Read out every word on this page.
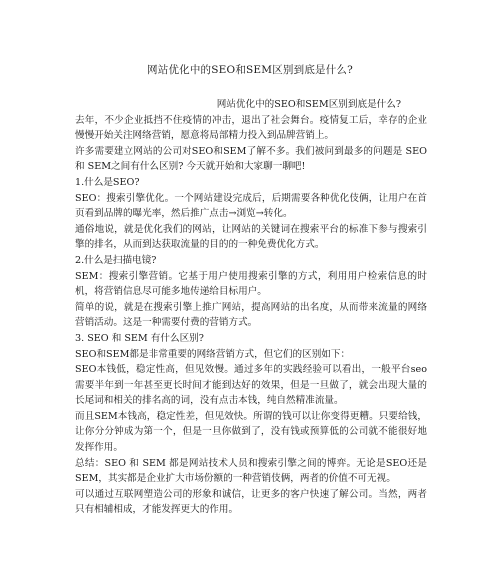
网站优化中的SEO和SEM区别到底是什么?

网站优化中的SEO和SEM区别到底是什么?

去年，不少企业抵挡不住疫情的冲击，退出了社会舞台。疫情复工后，幸存的企业慢慢开始关注网络营销，愿意将局部精力投入到品牌营销上。

许多需要建立网站的公司对SEO和SEM了解不多。我们被问到最多的问题是 SEO 和 SEM之间有什么区别? 今天就开始和大家聊一聊吧!

1.什么是SEO?

SEO：搜索引擎优化。一个网站建设完成后，后期需要各种优化伎俩，让用户在首页看到品牌的曝光率，然后推广点击→浏览→转化。

通俗地说，就是优化我们的网站，让网站的关键词在搜索平台的标准下参与搜索引擎的排名，从而到达获取流量的目的的一种免费优化方式。

2.什么是扫描电镜?

SEM：搜索引擎营销。它基于用户使用搜索引擎的方式，利用用户检索信息的时机，将营销信息尽可能多地传递给目标用户。

简单的说，就是在搜索引擎上推广网站，提高网站的出名度，从而带来流量的网络营销活动。这是一种需要付费的营销方式。

3. SEO 和 SEM 有什么区别?

SEO和SEM都是非常重要的网络营销方式，但它们的区别如下：

SEO本钱低，稳定性高，但见效慢。通过多年的实践经验可以看出，一般平台seo需要半年到一年甚至更长时间才能到达好的效果，但是一旦做了，就会出现大量的长尾词和相关的排名高的词，没有点击本钱，纯自然精准流量。

而且SEM本钱高，稳定性差，但见效快。所谓的钱可以让你变得更糟。只要给钱，让你分分钟成为第一个，但是一旦你做到了，没有钱或预算低的公司就不能很好地发挥作用。

总结：SEO 和 SEM 都是网站技术人员和搜索引擎之间的博弈。无论是SEO还是SEM，其实都是企业扩大市场份额的一种营销伎俩，两者的价值不可无视。

可以通过互联网塑造公司的形象和诚信，让更多的客户快速了解公司。当然，两者只有相辅相成，才能发挥更大的作用。
